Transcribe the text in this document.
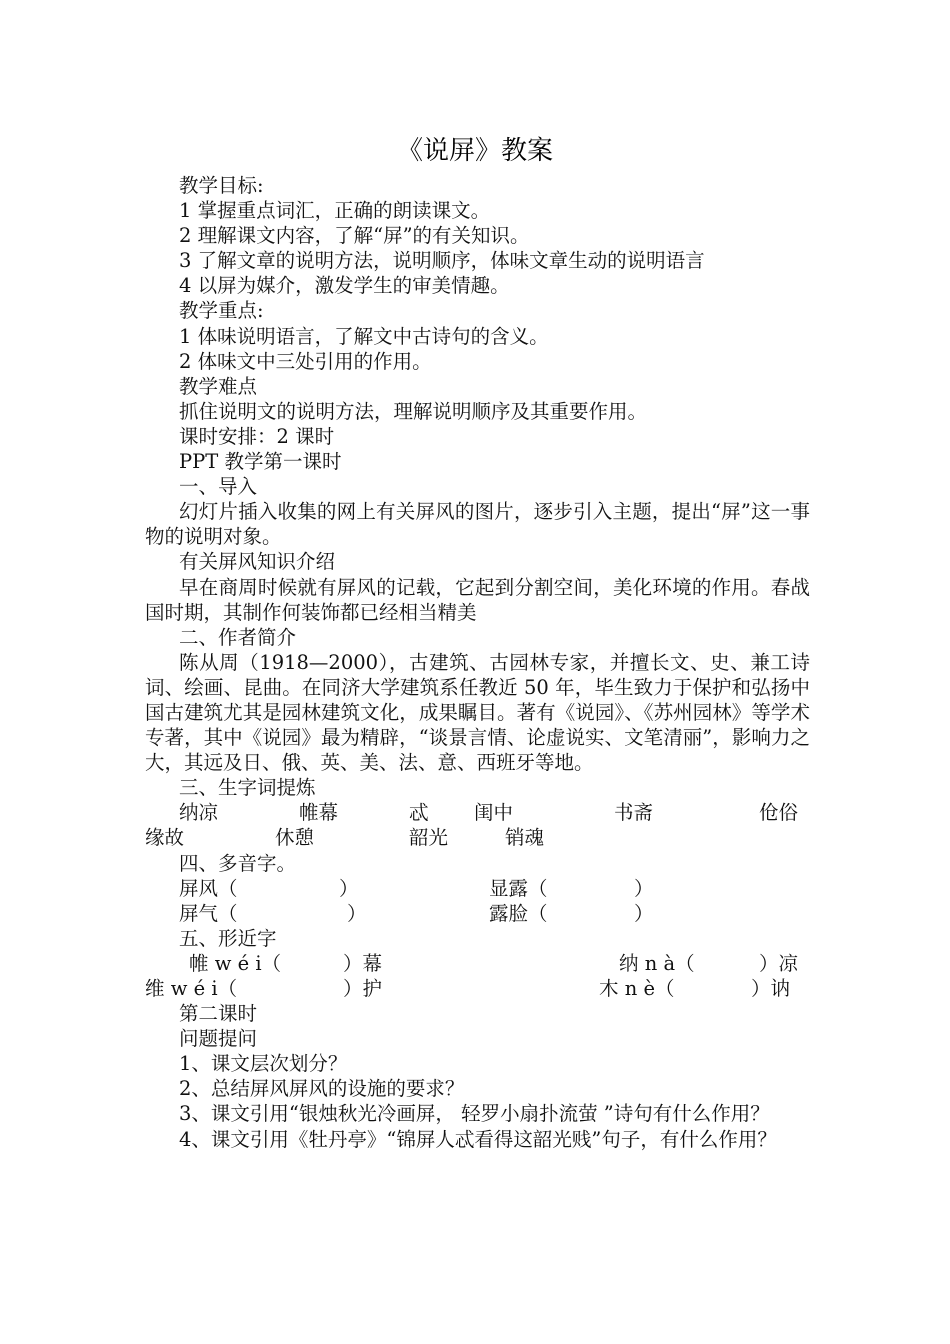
《说屏》教案
教学目标:
1 掌握重点词汇，正确的朗读课文。
2 理解课文内容，了解“屏”的有关知识。
3 了解文章的说明方法，说明顺序，体味文章生动的说明语言
4 以屏为媒介，激发学生的审美情趣。
教学重点:
1 体味说明语言，了解文中古诗句的含义。
2 体味文中三处引用的作用。
教学难点
抓住说明文的说明方法，理解说明顺序及其重要作用。
课时安排：2 课时
PPT 教学第一课时
一、导入
幻灯片插入收集的网上有关屏风的图片，逐步引入主题，提出“屏”这一事物的说明对象。
有关屏风知识介绍
早在商周时候就有屏风的记载，它起到分割空间，美化环境的作用。春战国时期，其制作何装饰都已经相当精美
二、作者简介
陈从周（1918—2000），古建筑、古园林专家，并擅长文、史、兼工诗词、绘画、昆曲。在同济大学建筑系任教近 50 年，毕生致力于保护和弘扬中国古建筑尤其是园林建筑文化，成果瞩目。著有《说园》、《苏州园林》等学术专著，其中《说园》最为精辟，“谈景言情、论虚说实、文笔清丽”，影响力之大，其远及日、俄、英、美、法、意、西班牙等地。
三、生字词提炼
纳凉	帷幕	忒	闺中	书斋	伧俗
缘故	休憩	韶光	销魂
四、多音字。
屏风（	）	显露（	）
屏气（	）	露脸（	）
五、形近字
帷 w é i（	）幕	纳 n à（	）凉
维 w é i（	）护	木 n è（	）讷
第二课时
问题提问
1、课文层次划分？
2、总结屏风屏风的设施的要求？
3、课文引用“银烛秋光冷画屏， 轻罗小扇扑流萤 ”诗句有什么作用？
4、课文引用《牡丹亭》“锦屏人忒看得这韶光贱”句子，有什么作用？
